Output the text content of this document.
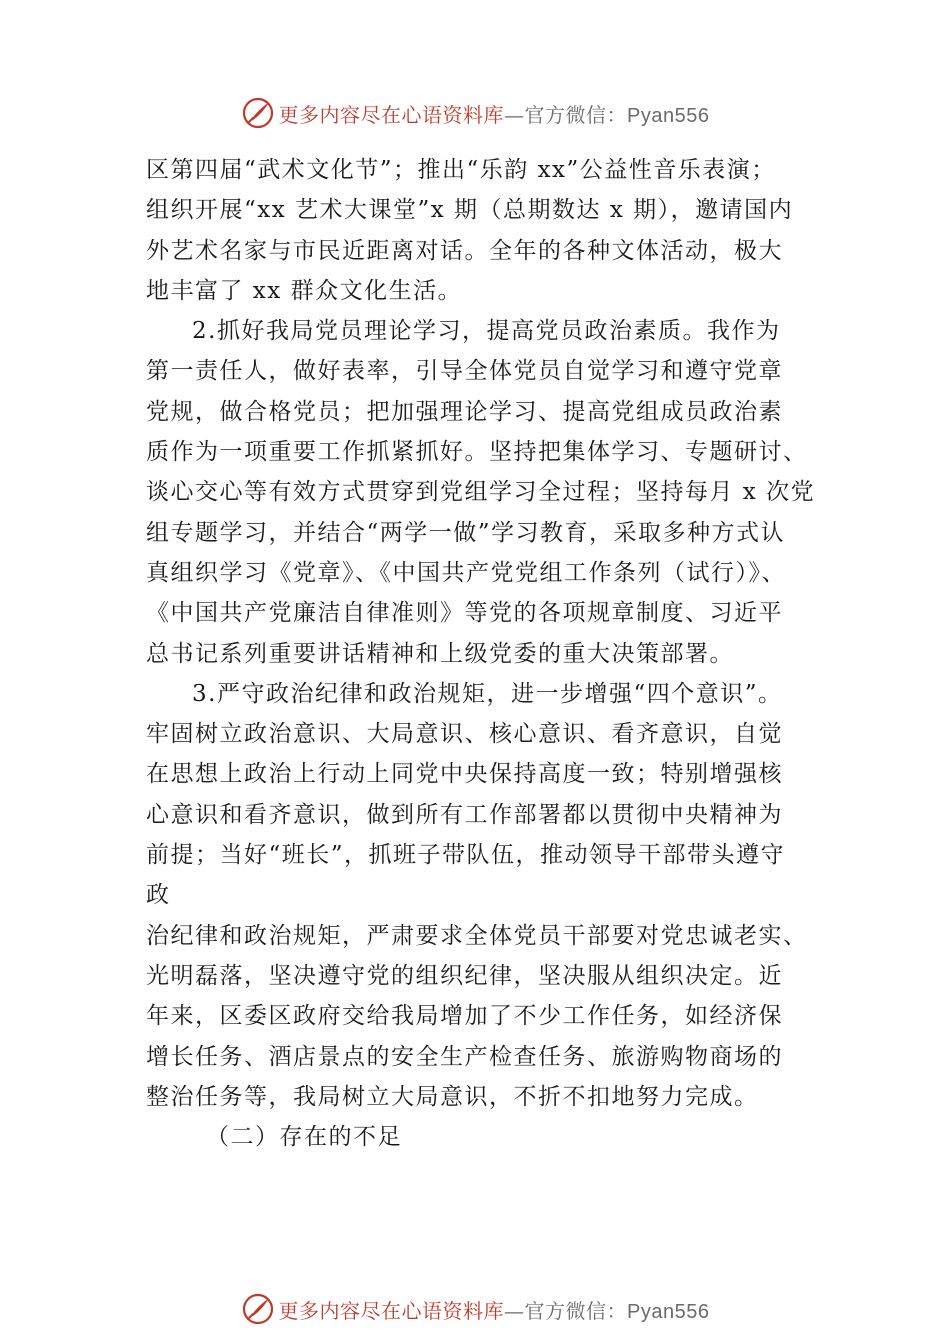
更多内容尽在心语资料库—官方微信：Pyan556
区第四届“武术文化节”；推出“乐韵 xx”公益性音乐表演；
组织开展“xx 艺术大课堂”x 期（总期数达 x 期），邀请国内
外艺术名家与市民近距离对话。全年的各种文体活动，极大
地丰富了 xx 群众文化生活。
2.抓好我局党员理论学习，提高党员政治素质。我作为
第一责任人，做好表率，引导全体党员自觉学习和遵守党章
党规，做合格党员；把加强理论学习、提高党组成员政治素
质作为一项重要工作抓紧抓好。坚持把集体学习、专题研讨、
谈心交心等有效方式贯穿到党组学习全过程；坚持每月 x 次党
组专题学习，并结合“两学一做”学习教育，采取多种方式认
真组织学习《党章》、《中国共产党党组工作条列（试行）》、
《中国共产党廉洁自律准则》等党的各项规章制度、习近平
总书记系列重要讲话精神和上级党委的重大决策部署。
3.严守政治纪律和政治规矩，进一步增强“四个意识”。
牢固树立政治意识、大局意识、核心意识、看齐意识，自觉
在思想上政治上行动上同党中央保持高度一致；特别增强核
心意识和看齐意识，做到所有工作部署都以贯彻中央精神为
前提；当好“班长”，抓班子带队伍，推动领导干部带头遵守
政
治纪律和政治规矩，严肃要求全体党员干部要对党忠诚老实、
光明磊落，坚决遵守党的组织纪律，坚决服从组织决定。近
年来，区委区政府交给我局增加了不少工作任务，如经济保
增长任务、酒店景点的安全生产检查任务、旅游购物商场的
整治任务等，我局树立大局意识，不折不扣地努力完成。
（二）存在的不足
更多内容尽在心语资料库—官方微信：Pyan556
